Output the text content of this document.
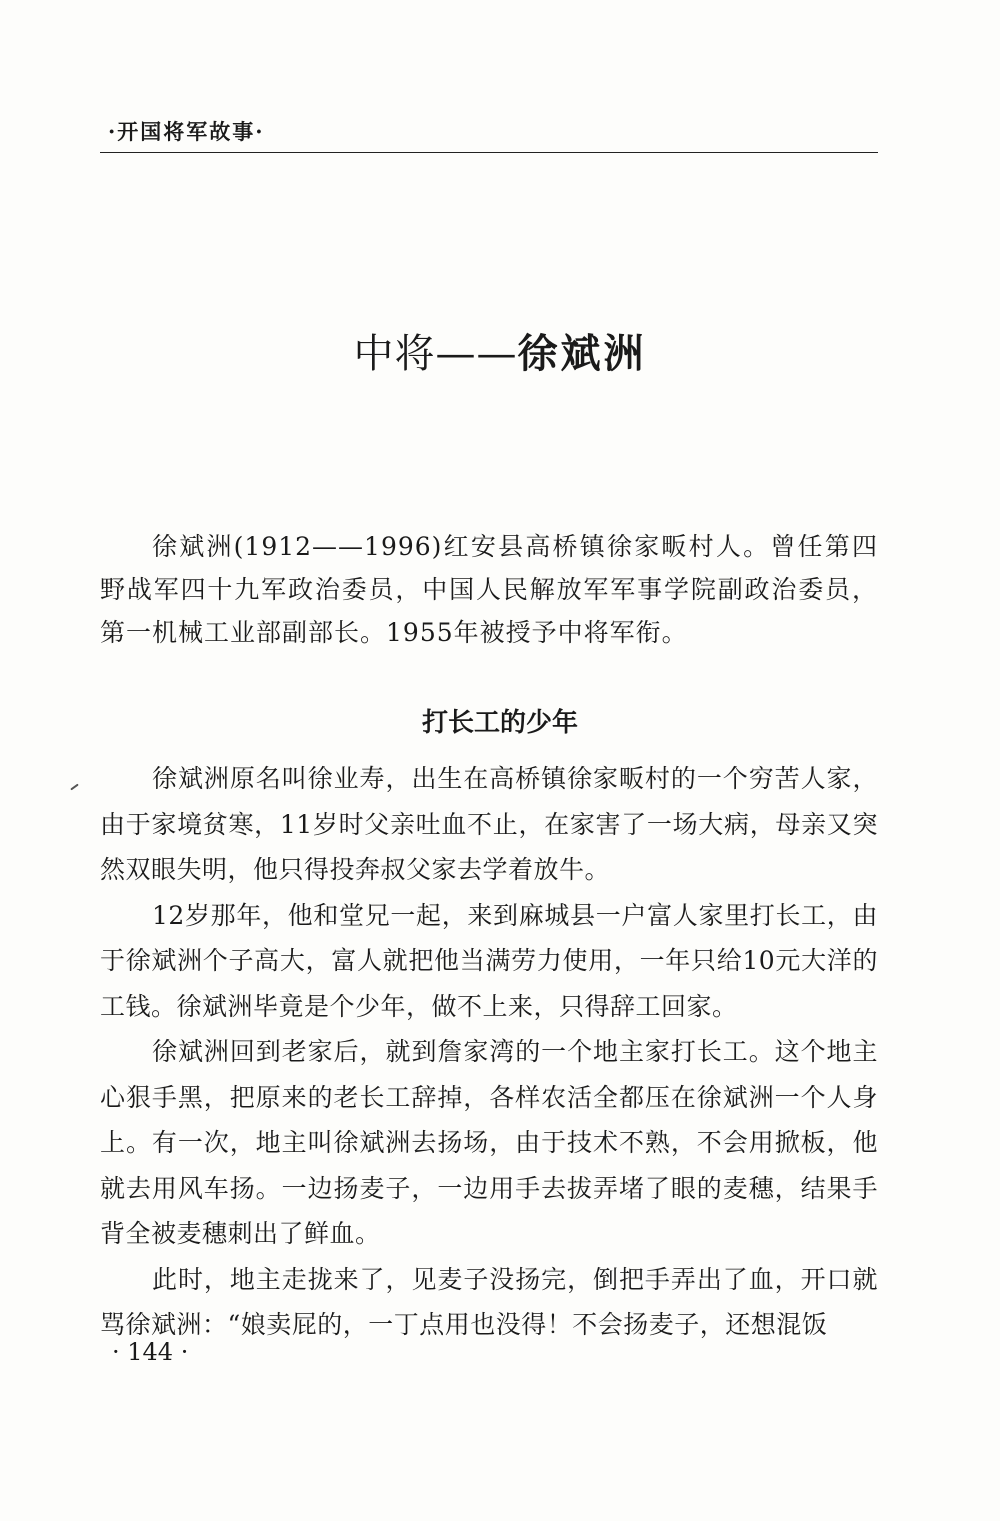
·开国将军故事·
中将——徐斌洲

徐斌洲(1912——1996)红安县高桥镇徐家畈村人。曾任第四野战军四十九军政治委员，中国人民解放军军事学院副政治委员，第一机械工业部副部长。1955年被授予中将军衔。

打长工的少年

徐斌洲原名叫徐业寿，出生在高桥镇徐家畈村的一个穷苦人家，由于家境贫寒，11岁时父亲吐血不止，在家害了一场大病，母亲又突然双眼失明，他只得投奔叔父家去学着放牛。

12岁那年，他和堂兄一起，来到麻城县一户富人家里打长工，由于徐斌洲个子高大，富人就把他当满劳力使用，一年只给10元大洋的工钱。徐斌洲毕竟是个少年，做不上来，只得辞工回家。

徐斌洲回到老家后，就到詹家湾的一个地主家打长工。这个地主心狠手黑，把原来的老长工辞掉，各样农活全都压在徐斌洲一个人身上。有一次，地主叫徐斌洲去扬场，由于技术不熟，不会用掀板，他就去用风车扬。一边扬麦子，一边用手去拔弄堵了眼的麦穗，结果手背全被麦穗刺出了鲜血。

此时，地主走拢来了，见麦子没扬完，倒把手弄出了血，开口就骂徐斌洲：“娘卖屁的，一丁点用也没得！不会扬麦子，还想混饭

· 144 ·
